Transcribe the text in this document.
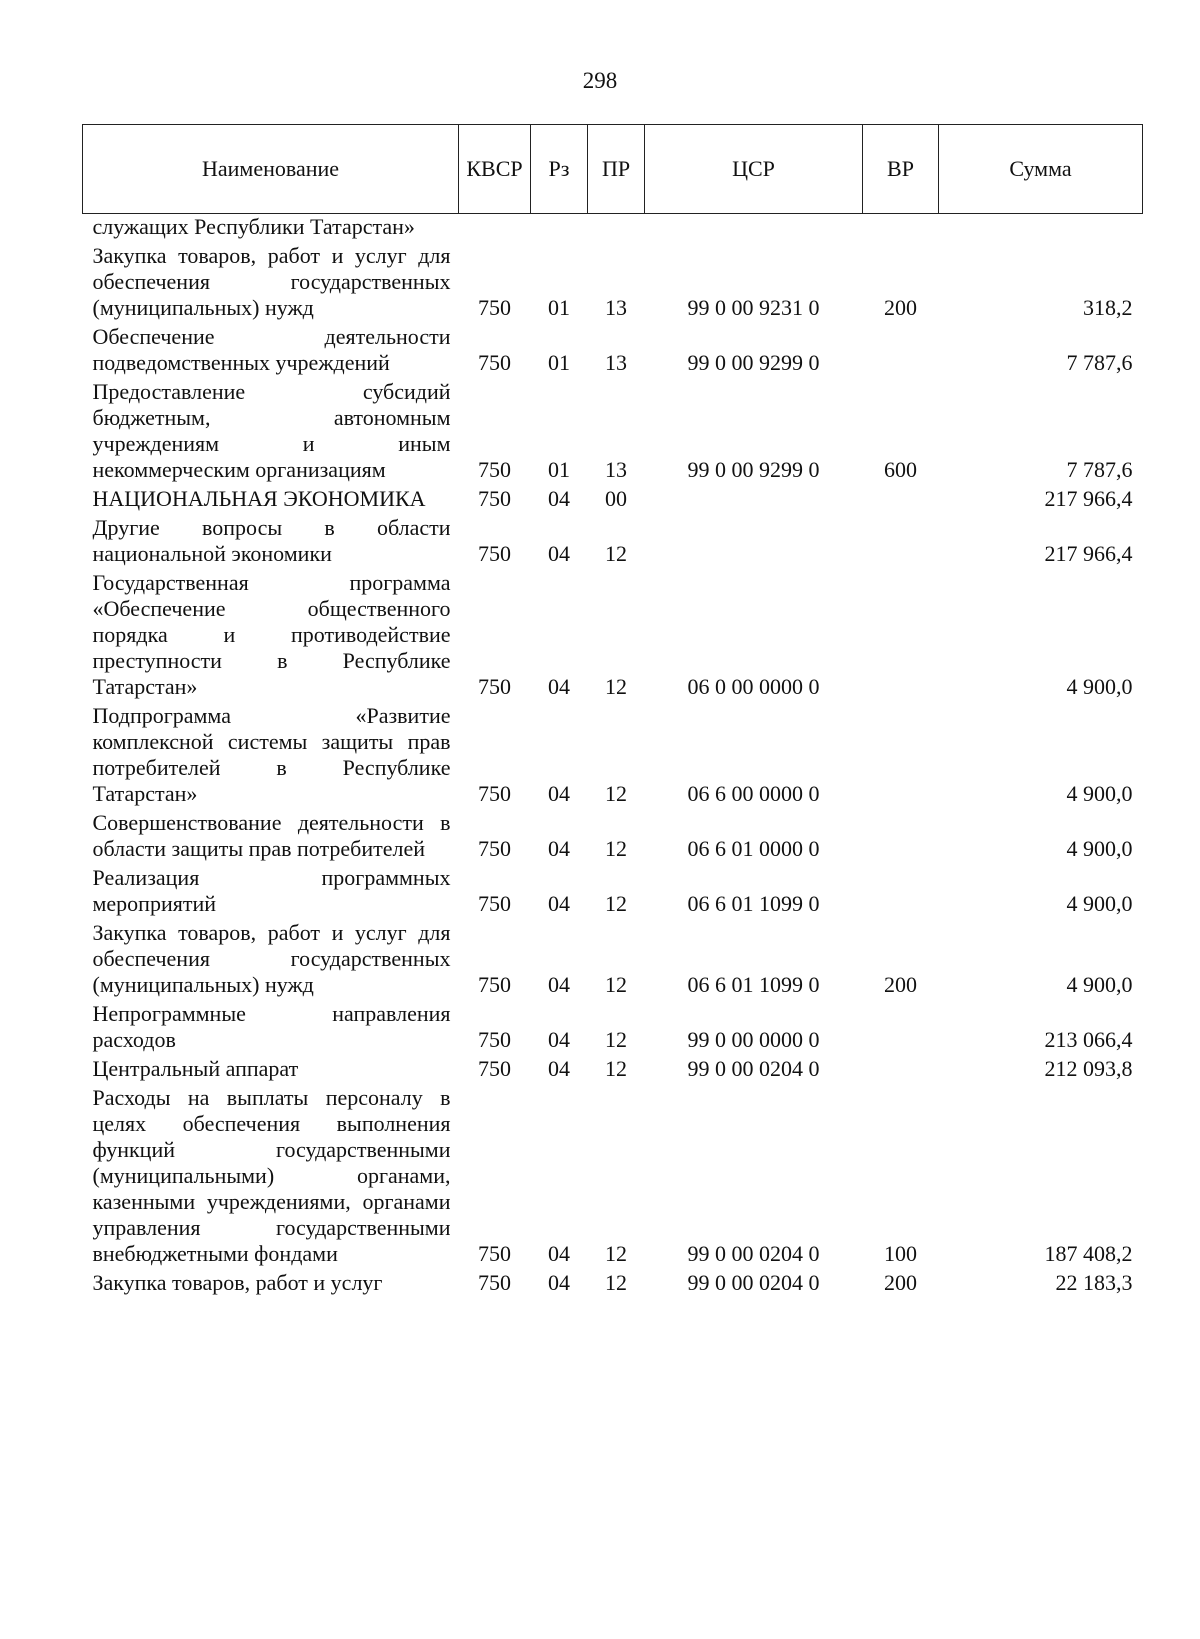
298
Наименование	КВСР	Рз	ПР	ЦСР	ВР	Сумма
служащих Республики Татарстан»						
Закупка товаров, работ и услуг для обеспечения государственных (муниципальных) нужд	750	01	13	99 0 00 9231 0	200	318,2
Обеспечение деятельности подведомственных учреждений	750	01	13	99 0 00 9299 0		7 787,6
Предоставление субсидий бюджетным, автономным учреждениям и иным некоммерческим организациям	750	01	13	99 0 00 9299 0	600	7 787,6
НАЦИОНАЛЬНАЯ ЭКОНОМИКА	750	04	00			217 966,4
Другие вопросы в области национальной экономики	750	04	12			217 966,4
Государственная программа «Обеспечение общественного порядка и противодействие преступности в Республике Татарстан»	750	04	12	06 0 00 0000 0		4 900,0
Подпрограмма «Развитие комплексной системы защиты прав потребителей в Республике Татарстан»	750	04	12	06 6 00 0000 0		4 900,0
Совершенствование деятельности в области защиты прав потребителей	750	04	12	06 6 01 0000 0		4 900,0
Реализация программных мероприятий	750	04	12	06 6 01 1099 0		4 900,0
Закупка товаров, работ и услуг для обеспечения государственных (муниципальных) нужд	750	04	12	06 6 01 1099 0	200	4 900,0
Непрограммные направления расходов	750	04	12	99 0 00 0000 0		213 066,4
Центральный аппарат	750	04	12	99 0 00 0204 0		212 093,8
Расходы на выплаты персоналу в целях обеспечения выполнения функций государственными (муниципальными) органами, казенными учреждениями, органами управления государственными внебюджетными фондами	750	04	12	99 0 00 0204 0	100	187 408,2
Закупка товаров, работ и услуг	750	04	12	99 0 00 0204 0	200	22 183,3
